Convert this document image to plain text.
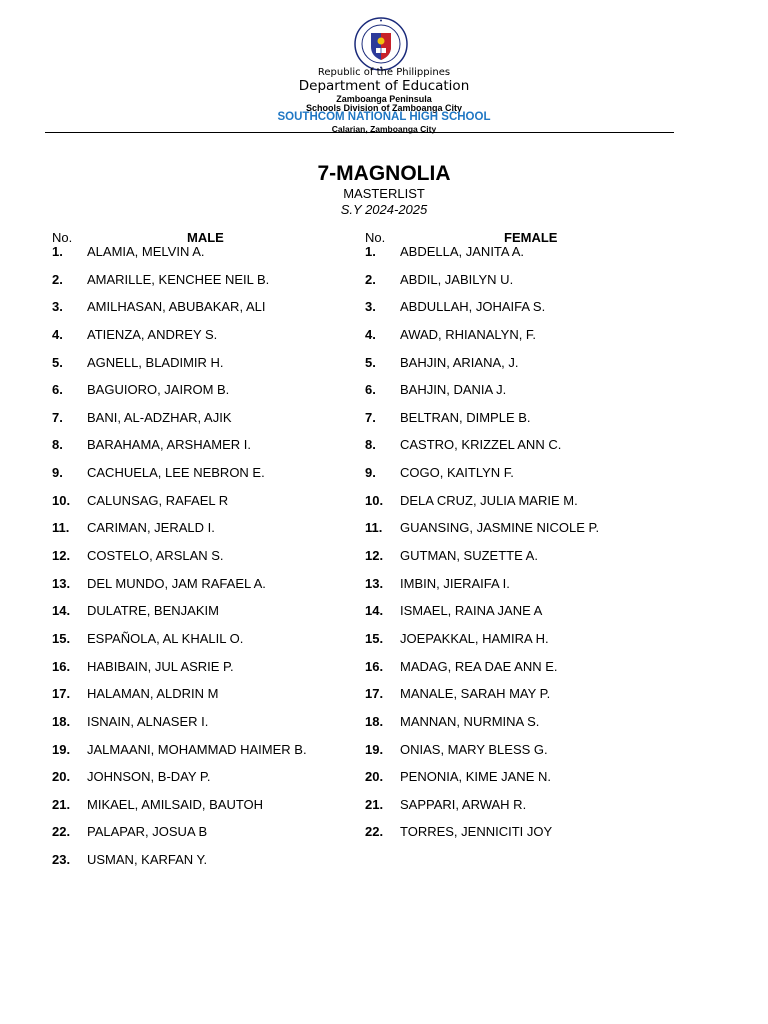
Republic of the Philippines
Department of Education
Zamboanga Peninsula
Schools Division of Zamboanga City
SOUTHCOM NATIONAL HIGH SCHOOL
Calarian, Zamboanga City
7-MAGNOLIA
MASTERLIST
S.Y 2024-2025
No.	MALE
1. ALAMIA, MELVIN A.
2. AMARILLE, KENCHEE NEIL B.
3. AMILHASAN, ABUBAKAR, ALI
4. ATIENZA, ANDREY S.
5. AGNELL, BLADIMIR H.
6. BAGUIORO, JAIROM B.
7. BANI, AL-ADZHAR, AJIK
8. BARAHAMA, ARSHAMER I.
9. CACHUELA, LEE NEBRON E.
10. CALUNSAG, RAFAEL R
11. CARIMAN, JERALD I.
12. COSTELO, ARSLAN S.
13. DEL MUNDO, JAM RAFAEL A.
14. DULATRE, BENJAKIM
15. ESPAÑOLA, AL KHALIL O.
16. HABIBAIN, JUL ASRIE P.
17. HALAMAN, ALDRIN M
18. ISNAIN, ALNASER I.
19. JALMAANI, MOHAMMAD HAIMER B.
20. JOHNSON, B-DAY P.
21. MIKAEL, AMILSAID, BAUTOH
22. PALAPAR, JOSUA B
23. USMAN, KARFAN Y.
No.	FEMALE
1. ABDELLA, JANITA A.
2. ABDIL, JABILYN U.
3. ABDULLAH, JOHAIFA S.
4. AWAD, RHIANALYN, F.
5. BAHJIN, ARIANA, J.
6. BAHJIN, DANIA J.
7. BELTRAN, DIMPLE B.
8. CASTRO, KRIZZEL ANN C.
9. COGO, KAITLYN F.
10. DELA CRUZ, JULIA MARIE M.
11. GUANSING, JASMINE NICOLE P.
12. GUTMAN, SUZETTE A.
13. IMBIN, JIERAIFA I.
14. ISMAEL, RAINA JANE A
15. JOEPAKKAL, HAMIRA H.
16. MADAG, REA DAE ANN E.
17. MANALE, SARAH MAY P.
18. MANNAN, NURMINA S.
19. ONIAS, MARY BLESS G.
20. PENONIA, KIME JANE N.
21. SAPPARI, ARWAH R.
22. TORRES, JENNICITI JOY
